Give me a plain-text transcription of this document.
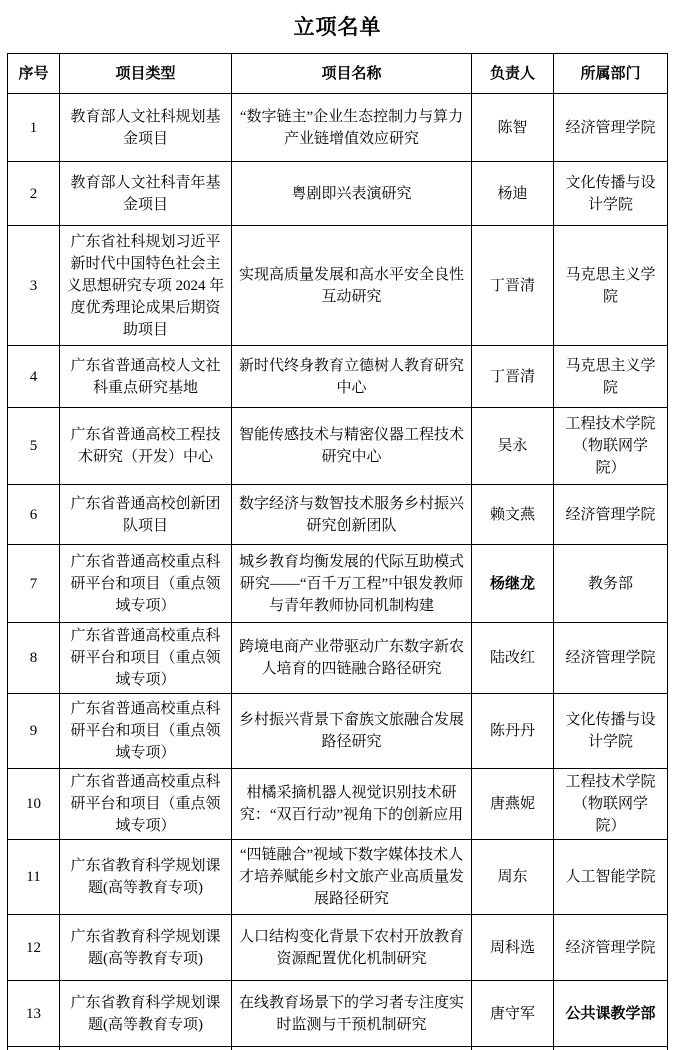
立项名单
序号	项目类型	项目名称	负责人	所属部门
1	教育部人文社科规划基金项目	“数字链主”企业生态控制力与算力产业链增值效应研究	陈智	经济管理学院
2	教育部人文社科青年基金项目	粤剧即兴表演研究	杨迪	文化传播与设计学院
3	广东省社科规划习近平新时代中国特色社会主义思想研究专项 2024 年度优秀理论成果后期资助项目	实现高质量发展和高水平安全良性互动研究	丁晋清	马克思主义学院
4	广东省普通高校人文社科重点研究基地	新时代终身教育立德树人教育研究中心	丁晋清	马克思主义学院
5	广东省普通高校工程技术研究（开发）中心	智能传感技术与精密仪器工程技术研究中心	吴永	工程技术学院（物联网学院）
6	广东省普通高校创新团队项目	数字经济与数智技术服务乡村振兴研究创新团队	赖文燕	经济管理学院
7	广东省普通高校重点科研平台和项目（重点领域专项）	城乡教育均衡发展的代际互助模式研究——“百千万工程”中银发教师与青年教师协同机制构建	杨继龙	教务部
8	广东省普通高校重点科研平台和项目（重点领域专项）	跨境电商产业带驱动广东数字新农人培育的四链融合路径研究	陆改红	经济管理学院
9	广东省普通高校重点科研平台和项目（重点领域专项）	乡村振兴背景下畲族文旅融合发展路径研究	陈丹丹	文化传播与设计学院
10	广东省普通高校重点科研平台和项目（重点领域专项）	柑橘采摘机器人视觉识别技术研究：“双百行动”视角下的创新应用	唐燕妮	工程技术学院（物联网学院）
11	广东省教育科学规划课题(高等教育专项)	“四链融合”视域下数字媒体技术人才培养赋能乡村文旅产业高质量发展路径研究	周东	人工智能学院
12	广东省教育科学规划课题(高等教育专项)	人口结构变化背景下农村开放教育资源配置优化机制研究	周科选	经济管理学院
13	广东省教育科学规划课题(高等教育专项)	在线教育场景下的学习者专注度实时监测与干预机制研究	唐守军	公共课教学部
